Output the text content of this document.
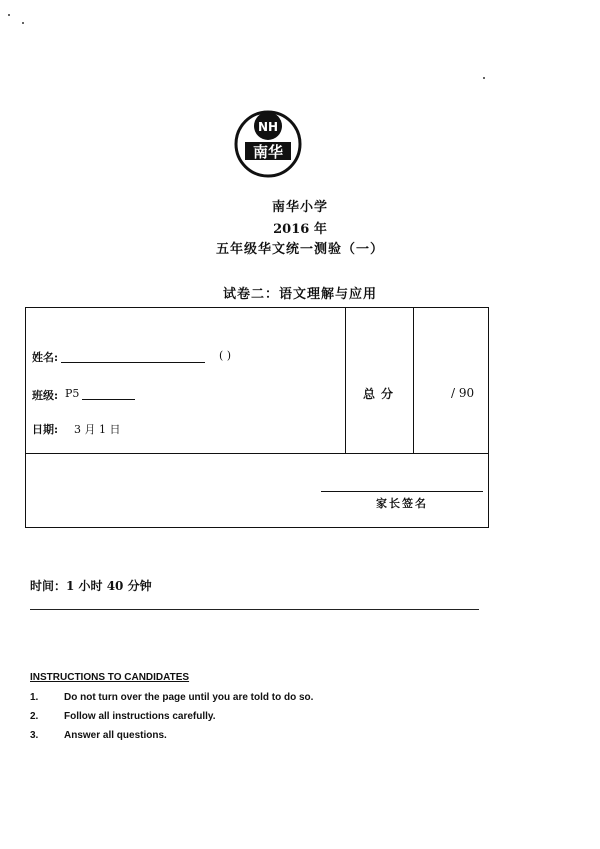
NH
南华
南华小学
2016 年
五年级华文统一测验（一）
试卷二：语文理解与应用
姓名:	( )
班级: P5
日期: 3 月 1 日
总分	/ 90
家长签名
时间：1 小时 40 分钟
INSTRUCTIONS TO CANDIDATES
1.	Do not turn over the page until you are told to do so.
2.	Follow all instructions carefully.
3.	Answer all questions.
